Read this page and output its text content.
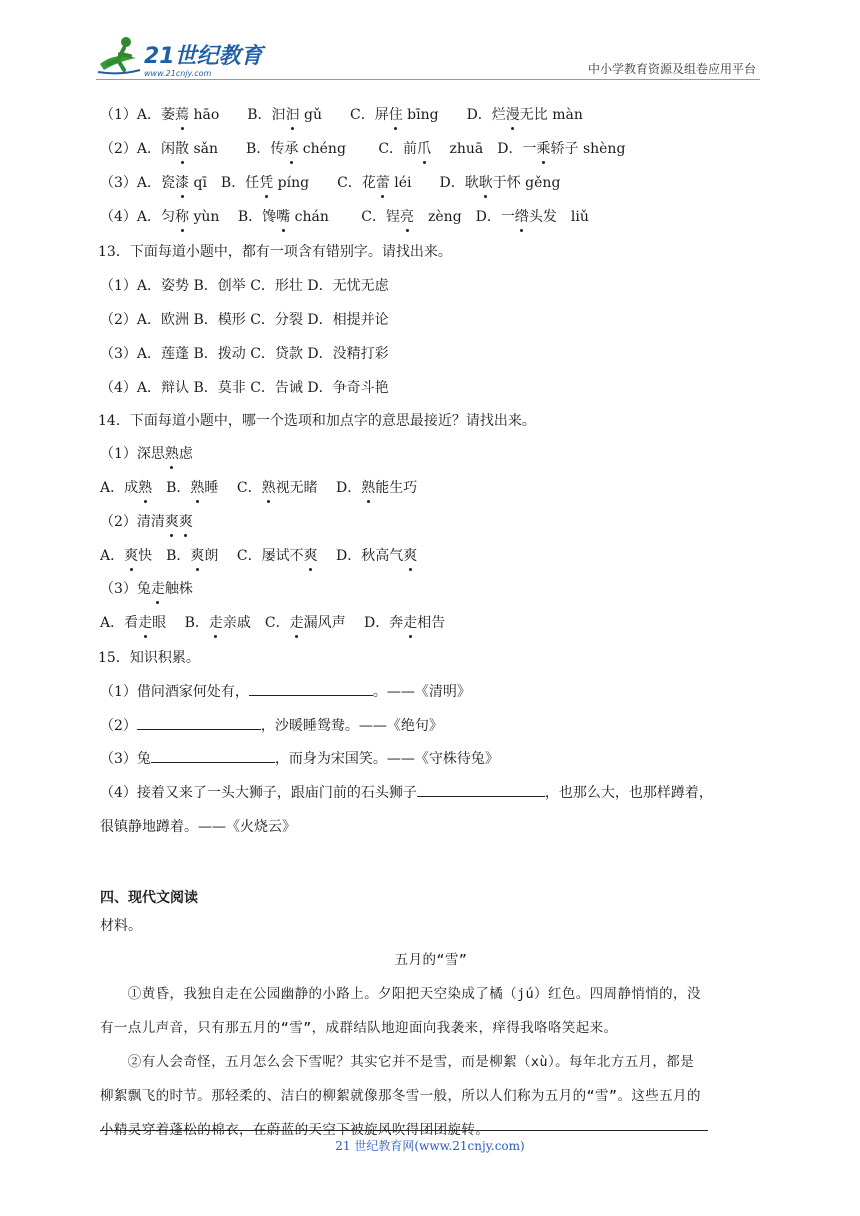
21世纪教育
www.21cnjy.com	中小学教育资源及组卷应用平台
（1）A．萎蔫 hāo　　B．汩汩 gǔ　　C．屏住 bīng　　D．烂漫无比 màn
（2）A．闲散 sǎn　　B．传承 chéng　　 C．前爪　 zhuā　D．一乘轿子 shèng
（3）A．瓷漆 qī　B．任凭 píng　　C．花蕾 léi　　D．耿耿于怀 gěng
（4）A．匀称 yùn　 B．馋嘴 chán　　 C．锃亮　zèng　D．一绺头发　liǔ
13．下面每道小题中，都有一项含有错别字。请找出来。
（1）A．姿势 B．创举 C．形壮 D．无忧无虑
（2）A．欧洲 B．模形 C．分裂 D．相提并论
（3）A．莲蓬 B．拨动 C．贷款 D．没精打彩
（4）A．辩认 B．莫非 C．告诫 D．争奇斗艳
14．下面每道小题中，哪一个选项和加点字的意思最接近？请找出来。
（1）深思熟虑
A．成熟　B．熟睡　 C．熟视无睹　 D．熟能生巧
（2）清清爽爽
A．爽快　B．爽朗　 C．屡试不爽　 D．秋高气爽
（3）兔走触株
A．看走眼　 B．走亲戚　C．走漏风声　 D．奔走相告
15．知识积累。
（1）借问酒家何处有，	。——《清明》
（2）	，沙暖睡鸳鸯。——《绝句》
（3）兔	，而身为宋国笑。——《守株待兔》
（4）接着又来了一头大狮子，跟庙门前的石头狮子	，也那么大，也那样蹲着，
很镇静地蹲着。——《火烧云》
四、现代文阅读
材料。
五月的“雪”
　　①黄昏，我独自走在公园幽静的小路上。夕阳把天空染成了橘（jú）红色。四周静悄悄的，没
有一点儿声音，只有那五月的“雪”，成群结队地迎面向我袭来，痒得我咯咯笑起来。
　　②有人会奇怪，五月怎么会下雪呢？其实它并不是雪，而是柳絮（xù）。每年北方五月，都是
柳絮飘飞的时节。那轻柔的、洁白的柳絮就像那冬雪一般，所以人们称为五月的“雪”。这些五月的
小精灵穿着蓬松的棉衣，在蔚蓝的天空下被旋风吹得团团旋转。
21 世纪教育网(www.21cnjy.com)
